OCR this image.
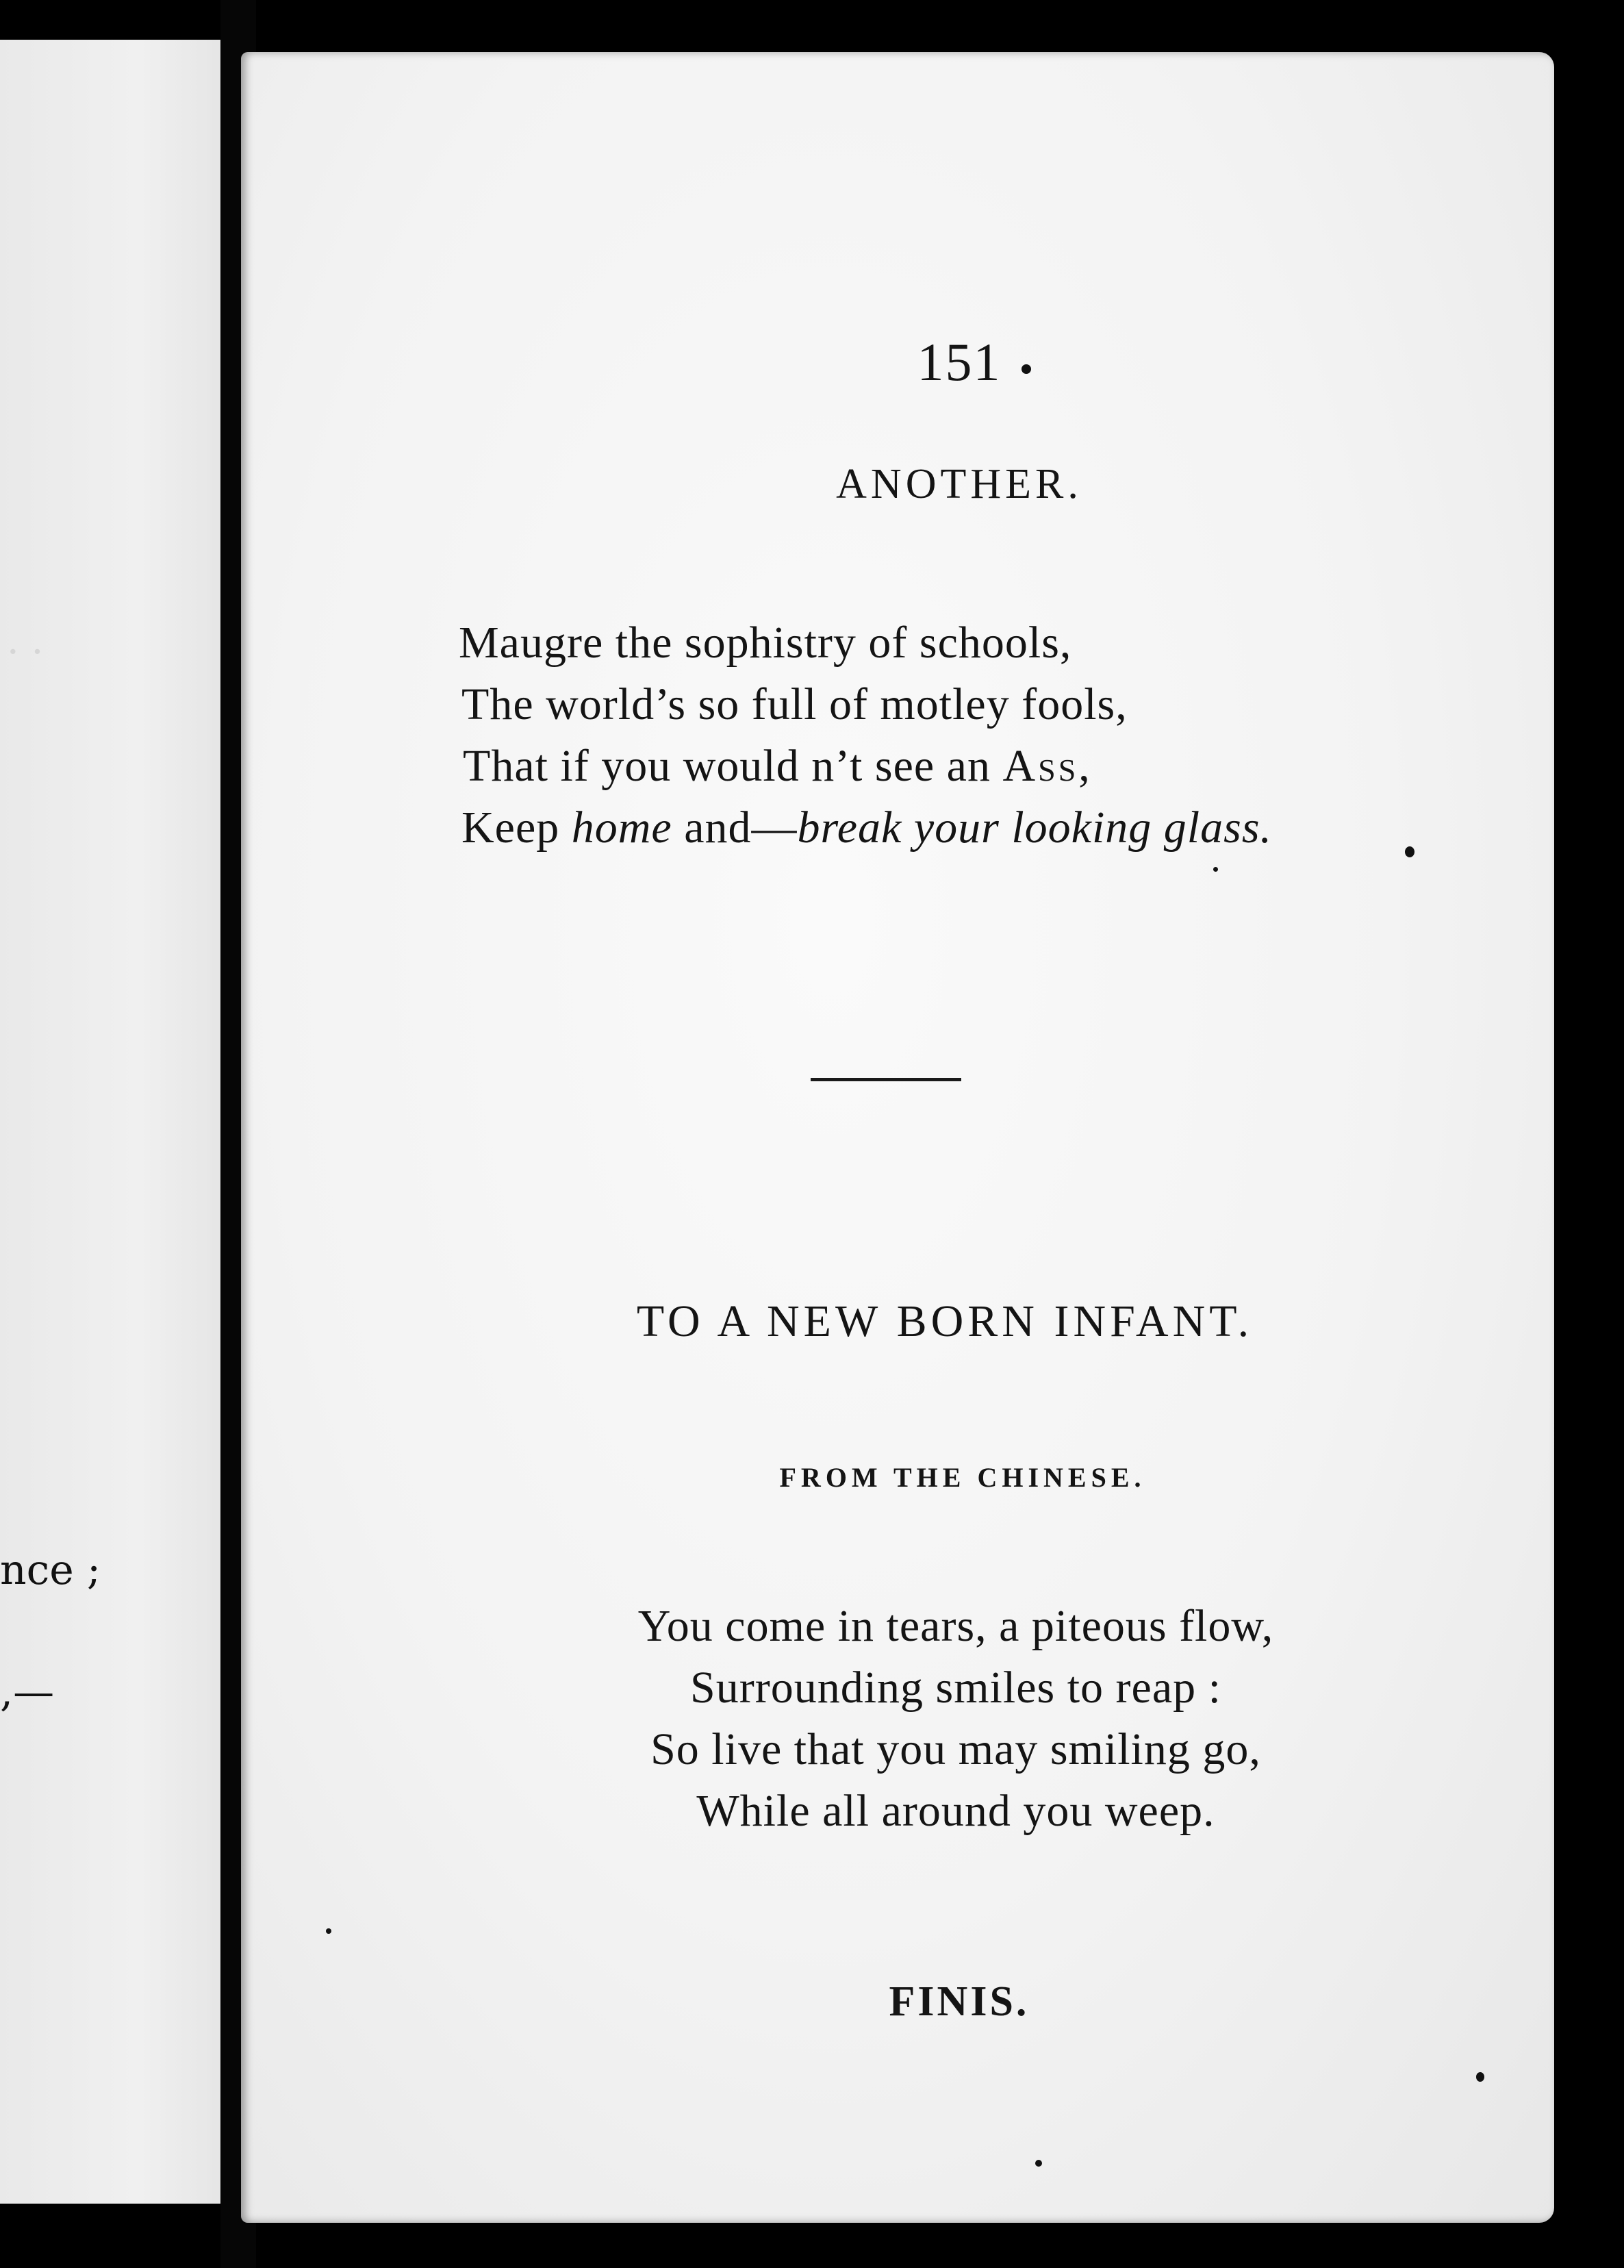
· ·
nce ;
,—
151
ANOTHER.
Maugre the sophistry of schools,
The world’s so full of motley fools,
That if you would n’t see an Ass,
Keep home and—break your looking glass.
TO A NEW BORN INFANT.
FROM THE CHINESE.
You come in tears, a piteous flow,
Surrounding smiles to reap :
So live that you may smiling go,
While all around you weep.
FINIS.
